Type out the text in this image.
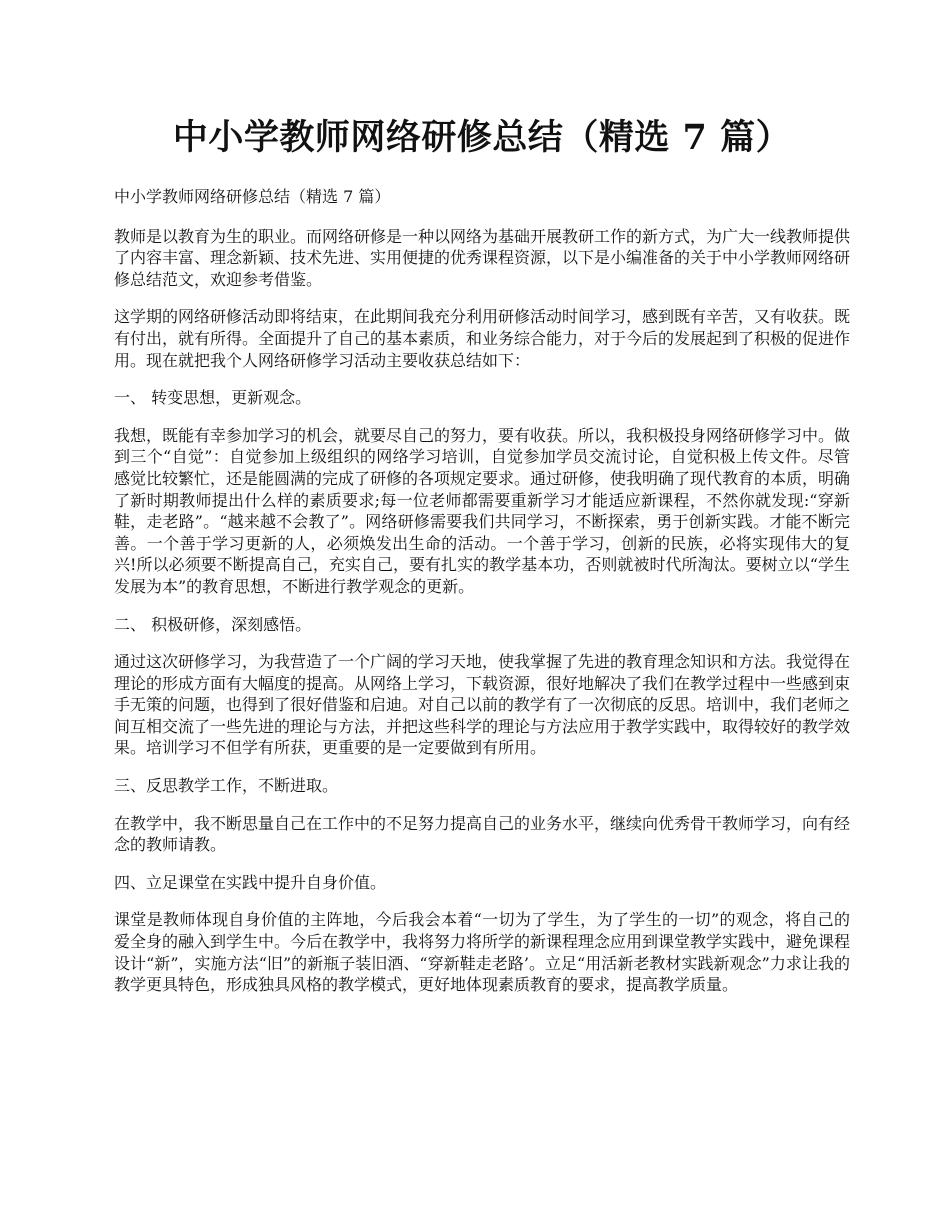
中小学教师网络研修总结（精选 7 篇）

中小学教师网络研修总结（精选 7 篇）

教师是以教育为生的职业。而网络研修是一种以网络为基础开展教研工作的新方式，为广大一线教师提供了内容丰富、理念新颖、技术先进、实用便捷的优秀课程资源，以下是小编准备的关于中小学教师网络研修总结范文，欢迎参考借鉴。

这学期的网络研修活动即将结束，在此期间我充分利用研修活动时间学习，感到既有辛苦，又有收获。既有付出，就有所得。全面提升了自己的基本素质，和业务综合能力，对于今后的发展起到了积极的促进作用。现在就把我个人网络研修学习活动主要收获总结如下：

一、 转变思想，更新观念。

我想，既能有幸参加学习的机会，就要尽自己的努力，要有收获。所以，我积极投身网络研修学习中。做到三个“自觉”：自觉参加上级组织的网络学习培训，自觉参加学员交流讨论，自觉积极上传文件。尽管感觉比较繁忙，还是能圆满的完成了研修的各项规定要求。通过研修，使我明确了现代教育的本质，明确了新时期教师提出什么样的素质要求;每一位老师都需要重新学习才能适应新课程，不然你就发现:“穿新鞋，走老路”。“越来越不会教了”。网络研修需要我们共同学习，不断探索，勇于创新实践。才能不断完善。一个善于学习更新的人，必须焕发出生命的活动。一个善于学习，创新的民族，必将实现伟大的复兴!所以必须要不断提高自己，充实自己，要有扎实的教学基本功，否则就被时代所淘汰。要树立以“学生发展为本”的教育思想，不断进行教学观念的更新。

二、 积极研修，深刻感悟。

通过这次研修学习，为我营造了一个广阔的学习天地，使我掌握了先进的教育理念知识和方法。我觉得在理论的形成方面有大幅度的提高。从网络上学习，下载资源，很好地解决了我们在教学过程中一些感到束手无策的问题，也得到了很好借鉴和启迪。对自己以前的教学有了一次彻底的反思。培训中，我们老师之间互相交流了一些先进的理论与方法，并把这些科学的理论与方法应用于教学实践中，取得较好的教学效果。培训学习不但学有所获，更重要的是一定要做到有所用。

三、反思教学工作，不断进取。

在教学中，我不断思量自己在工作中的不足努力提高自己的业务水平，继续向优秀骨干教师学习，向有经念的教师请教。

四、立足课堂在实践中提升自身价值。

课堂是教师体现自身价值的主阵地，今后我会本着“一切为了学生，为了学生的一切”的观念，将自己的爱全身的融入到学生中。今后在教学中，我将努力将所学的新课程理念应用到课堂教学实践中，避免课程设计“新”，实施方法“旧”的新瓶子装旧酒、“穿新鞋走老路’。立足“用活新老教材实践新观念”力求让我的教学更具特色，形成独具风格的教学模式，更好地体现素质教育的要求，提高教学质量。
